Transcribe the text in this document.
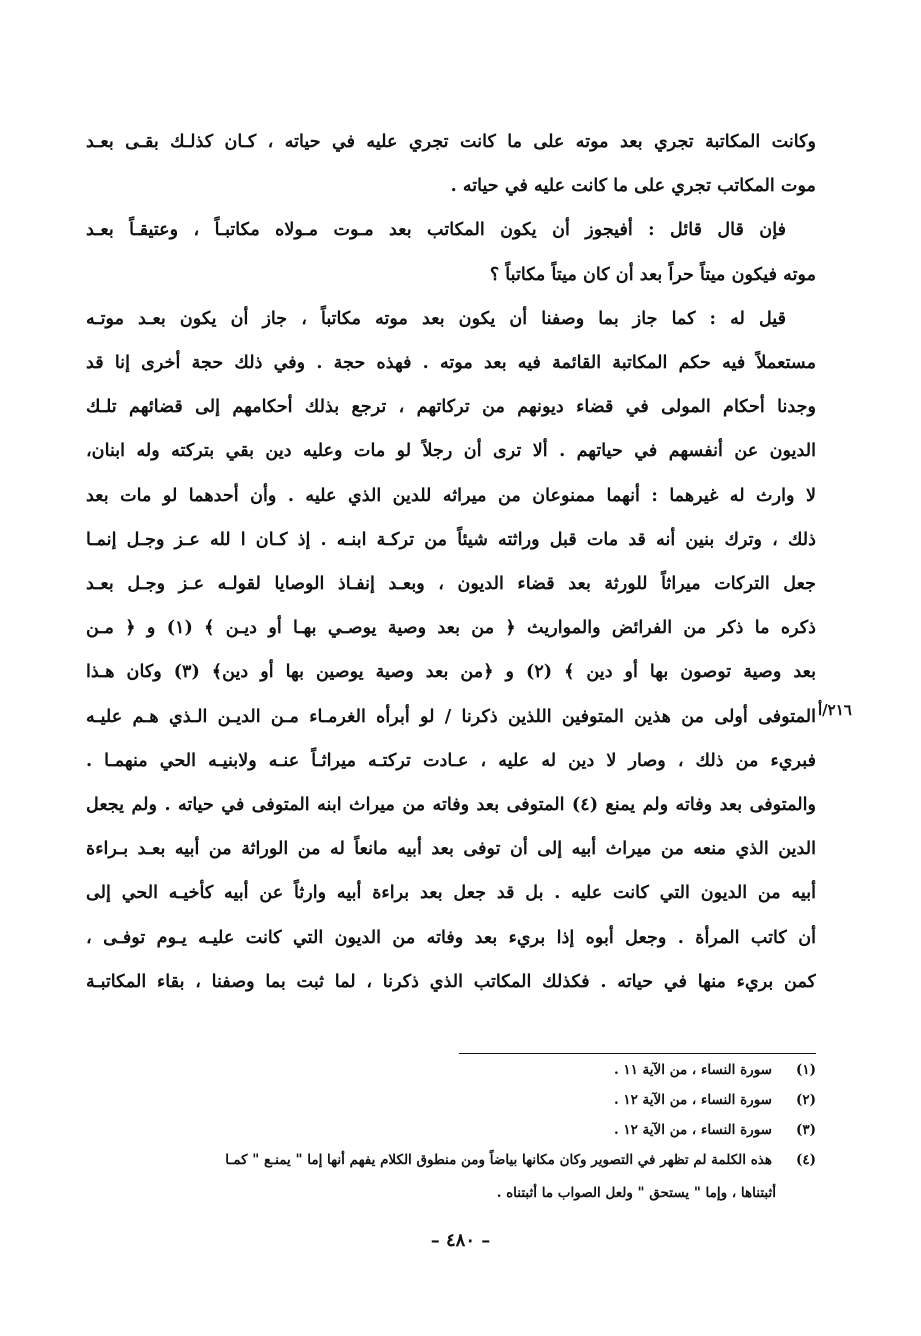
وكانت المكاتبة تجري بعد موته على ما كانت تجري عليه في حياته ، كـان كذلـك بقـى بعـد
موت المكاتب تجري على ما كانت عليه في حياته .
فإن قال قائل : أفيجوز أن يكون المكاتب بعد مـوت مـولاه مكاتبـاً ، وعتيقـاً بعـد
موته فيكون ميتاً حراً بعد أن كان ميتاً مكاتباً ؟
قيل له : كما جاز بما وصفنا أن يكون بعد موته مكاتباً ، جاز أن يكون بعـد موتـه
مستعملاً فيه حكم المكاتبة القائمة فيه بعد موته . فهذه حجة . وفي ذلك حجة أخرى إنا قد
وجدنا أحكام المولى في قضاء ديونهم من تركاتهم ، ترجع بذلك أحكامهم إلى قضائهم تلـك
الديون عن أنفسهم في حياتهم . ألا ترى أن رجلاً لو مات وعليه دين بقي بتركته وله ابنان،
لا وارث له غيرهما : أنهما ممنوعان من ميراثه للدين الذي عليه . وأن أحدهما لو مات بعد
ذلك ، وترك بنين أنه قد مات قبل وراثته شيئاً من تركـة ابنـه . إذ كـان ا لله عـز وجـل إنمـا
جعل التركات ميراثاً للورثة بعد قضاء الديون ، وبعـد إنفـاذ الوصايا لقولـه عـز وجـل بعـد
ذكره ما ذكر من الفرائض والمواريث ﴿ من بعد وصية يوصـي بهـا أو ديـن ﴾ (١) و ﴿ مـن
بعد وصية توصون بها أو دين ﴾ (٢) و ﴿من بعد وصية يوصين بها أو دين﴾ (٣) وكان هـذا
المتوفى أولى من هذين المتوفين اللذين ذكرنا / لو أبرأه الغرمـاء مـن الديـن الـذي هـم عليـه
فبريء من ذلك ، وصار لا دين له عليه ، عـادت تركتـه ميراثـاً عنـه ولابنيـه الحي منهمـا .
والمتوفى بعد وفاته ولم يمنع (٤) المتوفى بعد وفاته من ميراث ابنه المتوفى في حياته . ولم يجعل
الدين الذي منعه من ميراث أبيه إلى أن توفى بعد أبيه مانعاً له من الوراثة من أبيه بعـد بـراءة
أبيه من الديون التي كانت عليه . بل قد جعل بعد براءة أبيه وارثاً عن أبيه كأخيـه الحي إلى
أن كاتب المرأة . وجعل أبوه إذا بريء بعد وفاته من الديون التي كانت عليـه يـوم توفـى ،
كمن بريء منها في حياته . فكذلك المكاتب الذي ذكرنا ، لما ثبت بما وصفنا ، بقاء المكاتبـة
٢١٦/أ
(١)سورة النساء ، من الآية ١١ .
(٢)سورة النساء ، من الآية ١٢ .
(٣)سورة النساء ، من الآية ١٢ .
(٤)هذه الكلمة لم تظهر في التصوير وكان مكانها بياضاً ومن منطوق الكلام يفهم أنها إما " يمنـع " كمـا
أثبتناها ، وإما " يستحق " ولعل الصواب ما أثبتناه .
– ٤٨٠ –
